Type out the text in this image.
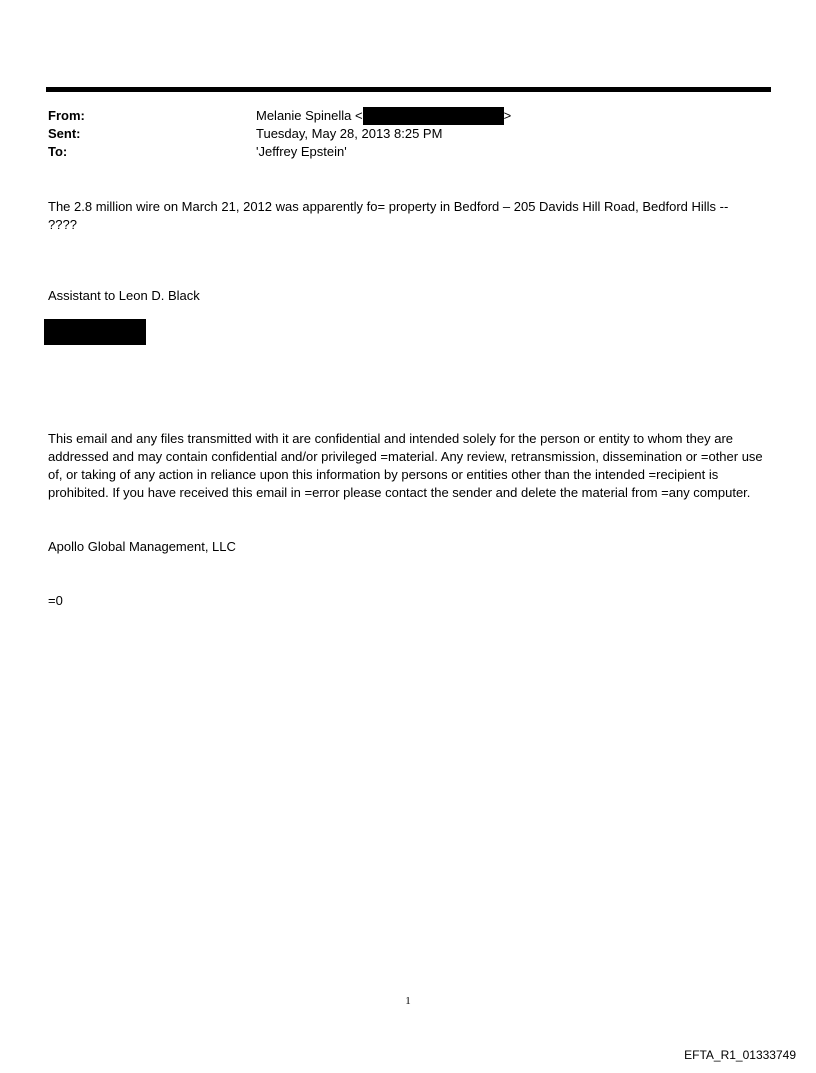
From:	Melanie Spinella <	>
Sent:	Tuesday, May 28, 2013 8:25 PM
To:	'Jeffrey Epstein'
The 2.8 million wire on March 21, 2012 was apparently fo= property in Bedford – 205 Davids Hill Road, Bedford Hills --
????
Assistant to Leon D. Black
This email and any files transmitted with it are confidential and intended solely for the person or entity to whom they are addressed and may contain confidential and/or privileged =material. Any review, retransmission, dissemination or =other use of, or taking of any action in reliance upon this information by persons or entities other than the intended =recipient is prohibited. If you have received this email in =error please contact the sender and delete the material from =any computer.
Apollo Global Management, LLC
=0
1
EFTA_R1_01333749
